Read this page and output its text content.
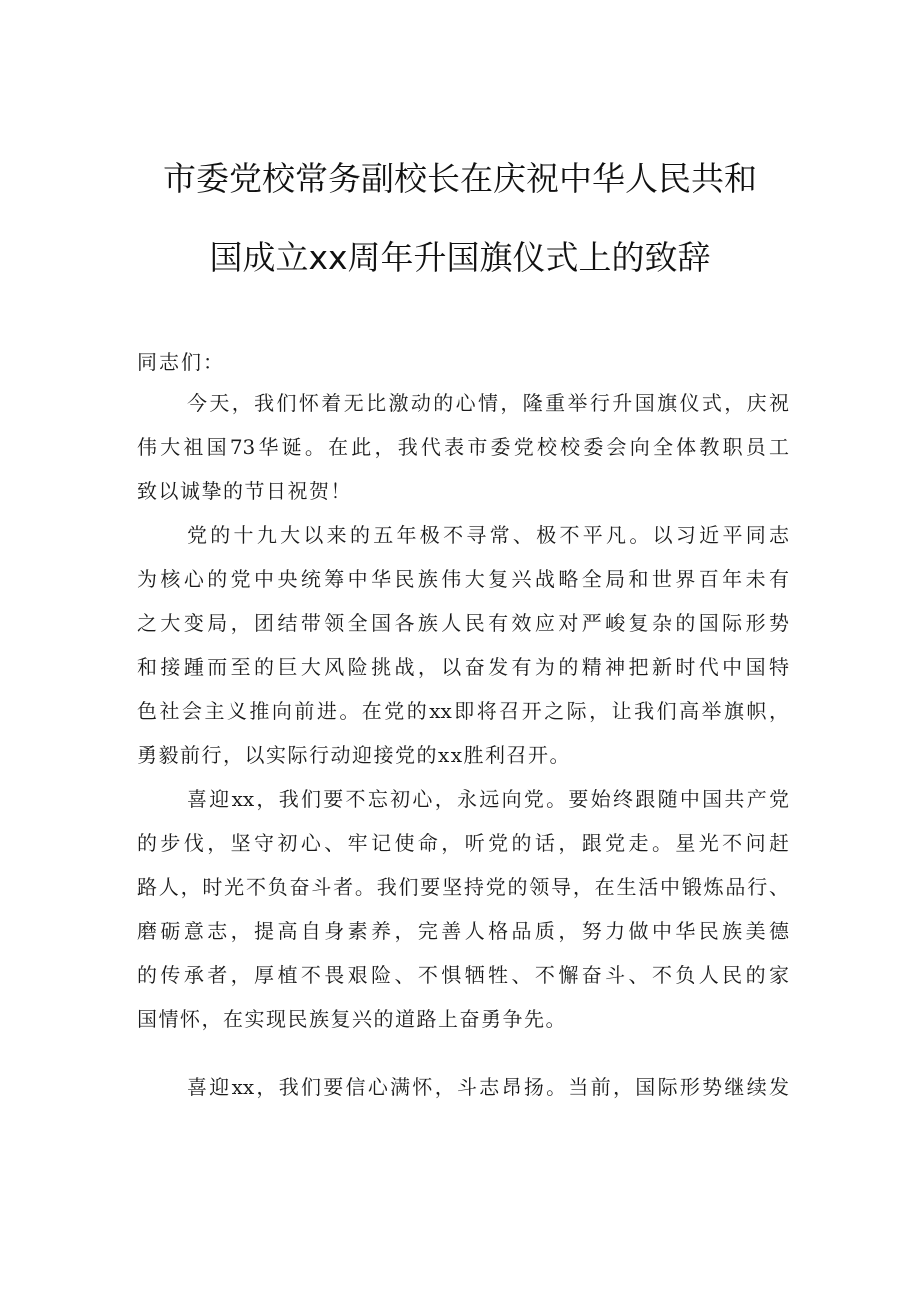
市委党校常务副校长在庆祝中华人民共和
国成立xx周年升国旗仪式上的致辞
同志们：
今天，我们怀着无比激动的心情，隆重举行升国旗仪式，庆祝
伟大祖国73华诞。在此，我代表市委党校校委会向全体教职员工
致以诚挚的节日祝贺！
党的十九大以来的五年极不寻常、极不平凡。以习近平同志
为核心的党中央统筹中华民族伟大复兴战略全局和世界百年未有
之大变局，团结带领全国各族人民有效应对严峻复杂的国际形势
和接踵而至的巨大风险挑战，以奋发有为的精神把新时代中国特
色社会主义推向前进。在党的xx即将召开之际，让我们高举旗帜，
勇毅前行，以实际行动迎接党的xx胜利召开。
喜迎xx，我们要不忘初心，永远向党。要始终跟随中国共产党
的步伐，坚守初心、牢记使命，听党的话，跟党走。星光不问赶
路人，时光不负奋斗者。我们要坚持党的领导，在生活中锻炼品行、
磨砺意志，提高自身素养，完善人格品质，努力做中华民族美德
的传承者，厚植不畏艰险、不惧牺牲、不懈奋斗、不负人民的家
国情怀，在实现民族复兴的道路上奋勇争先。
喜迎xx，我们要信心满怀，斗志昂扬。当前，国际形势继续发
